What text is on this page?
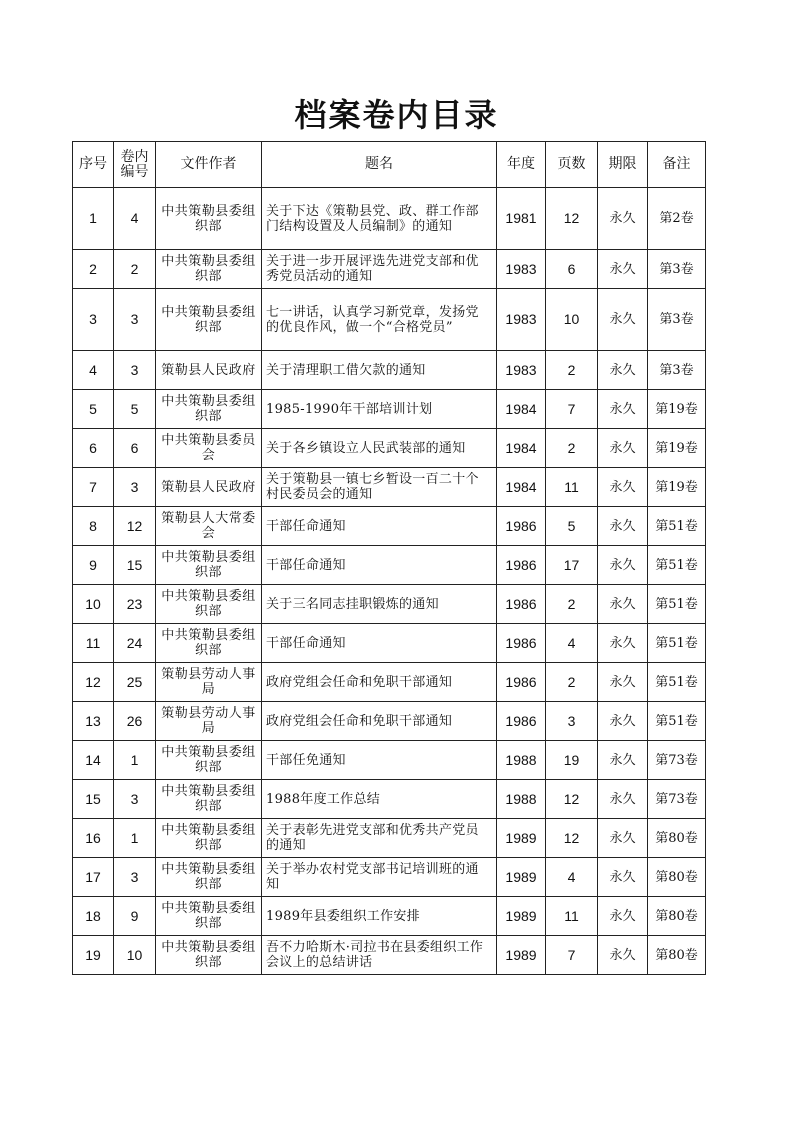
档案卷内目录
序号	卷内编号	文件作者	题名	年度	页数	期限	备注
1	4	中共策勒县委组织部	关于下达《策勒县党、政、群工作部门结构设置及人员编制》的通知	1981	12	永久	第2卷
2	2	中共策勒县委组织部	关于进一步开展评选先进党支部和优秀党员活动的通知	1983	6	永久	第3卷
3	3	中共策勒县委组织部	七一讲话，认真学习新党章，发扬党的优良作风，做一个“合格党员”	1983	10	永久	第3卷
4	3	策勒县人民政府	关于清理职工借欠款的通知	1983	2	永久	第3卷
5	5	中共策勒县委组织部	1985-1990年干部培训计划	1984	7	永久	第19卷
6	6	中共策勒县委员会	关于各乡镇设立人民武装部的通知	1984	2	永久	第19卷
7	3	策勒县人民政府	关于策勒县一镇七乡暂设一百二十个村民委员会的通知	1984	11	永久	第19卷
8	12	策勒县人大常委会	干部任命通知	1986	5	永久	第51卷
9	15	中共策勒县委组织部	干部任命通知	1986	17	永久	第51卷
10	23	中共策勒县委组织部	关于三名同志挂职锻炼的通知	1986	2	永久	第51卷
11	24	中共策勒县委组织部	干部任命通知	1986	4	永久	第51卷
12	25	策勒县劳动人事局	政府党组会任命和免职干部通知	1986	2	永久	第51卷
13	26	策勒县劳动人事局	政府党组会任命和免职干部通知	1986	3	永久	第51卷
14	1	中共策勒县委组织部	干部任免通知	1988	19	永久	第73卷
15	3	中共策勒县委组织部	1988年度工作总结	1988	12	永久	第73卷
16	1	中共策勒县委组织部	关于表彰先进党支部和优秀共产党员的通知	1989	12	永久	第80卷
17	3	中共策勒县委组织部	关于举办农村党支部书记培训班的通知	1989	4	永久	第80卷
18	9	中共策勒县委组织部	1989年县委组织工作安排	1989	11	永久	第80卷
19	10	中共策勒县委组织部	吾不力哈斯木·司拉书在县委组织工作会议上的总结讲话	1989	7	永久	第80卷
